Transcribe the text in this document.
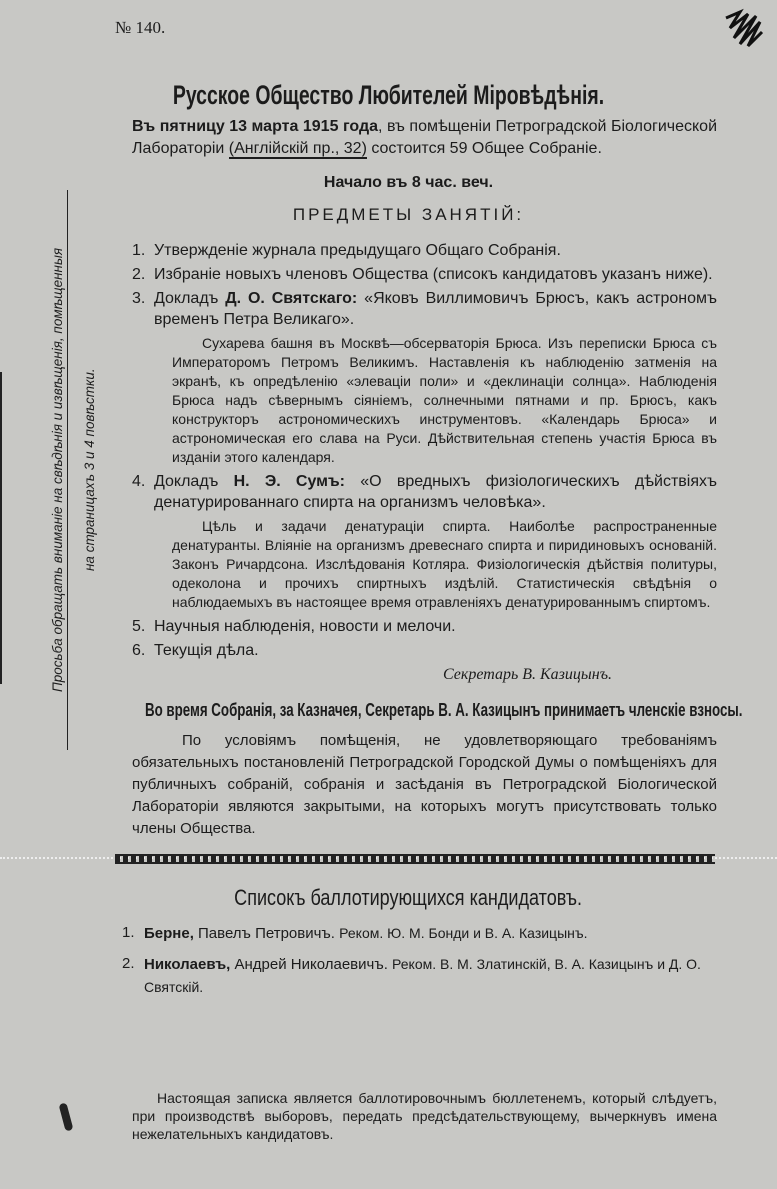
№ 140.
Просьба обращать вниманіе на свѣдѣнія и извѣщенія, помѣщенныя на страницахъ 3 и 4 повѣстки.
Русское Общество Любителей Міровѣдѣнія.
Въ пятницу 13 марта 1915 года, въ помѣщеніи Петроградской Біологической Лабораторіи (Англійскій пр., 32) состоится 59 Общее Собраніе.
Начало въ 8 час. веч.
ПРЕДМЕТЫ ЗАНЯТІЙ:
1. Утвержденіе журнала предыдущаго Общаго Собранія.
2. Избраніе новыхъ членовъ Общества (списокъ кандидатовъ указанъ ниже).
3. Докладъ Д. О. Святскаго: «Яковъ Виллимовичъ Брюсъ, какъ астрономъ временъ Петра Великаго».
Сухарева башня въ Москвѣ—обсерваторія Брюса. Изъ переписки Брюса съ Императоромъ Петромъ Великимъ. Наставленія къ наблюденію затменія на экранѣ, къ опредѣленію «элеваціи поли» и «деклинаціи солнца». Наблюденія Брюса надъ сѣвернымъ сіяніемъ, солнечными пятнами и пр. Брюсъ, какъ конструкторъ астрономическихъ инструментовъ. «Календарь Брюса» и астрономическая его слава на Руси. Дѣйствительная степень участія Брюса въ изданіи этого календаря.
4. Докладъ Н. Э. Сумъ: «О вредныхъ физіологическихъ дѣйствіяхъ денатурированнаго спирта на организмъ человѣка».
Цѣль и задачи денатураціи спирта. Наиболѣе распространенные денатуранты. Вліяніе на организмъ древеснаго спирта и пиридиновыхъ основаній. Законъ Ричардсона. Изслѣдованія Котляра. Физіологическія дѣйствія политуры, одеколона и прочихъ спиртныхъ издѣлій. Статистическія свѣдѣнія о наблюдаемыхъ въ настоящее время отравленіяхъ денатурированнымъ спиртомъ.
5. Научныя наблюденія, новости и мелочи.
6. Текущія дѣла.
Секретарь В. Казицынъ.
Во время Собранія, за Казначея, Секретарь В. А. Казицынъ принимаетъ членскіе взносы.
По условіямъ помѣщенія, не удовлетворяющаго требованіямъ обязательныхъ постановленій Петроградской Городской Думы о помѣщеніяхъ для публичныхъ собраній, собранія и засѣданія въ Петроградской Біологической Лабораторіи являются закрытыми, на которыхъ могутъ присутствовать только члены Общества.
Списокъ баллотирующихся кандидатовъ.
1. Берне, Павелъ Петровичъ. Реком. Ю. М. Бонди и В. А. Казицынъ.
2. Николаевъ, Андрей Николаевичъ. Реком. В. М. Златинскій, В. А. Казицынъ и Д. О. Святскій.
Настоящая записка является баллотировочнымъ бюллетенемъ, который слѣдуетъ, при производствѣ выборовъ, передать предсѣдательствующему, вычеркнувъ имена нежелательныхъ кандидатовъ.
